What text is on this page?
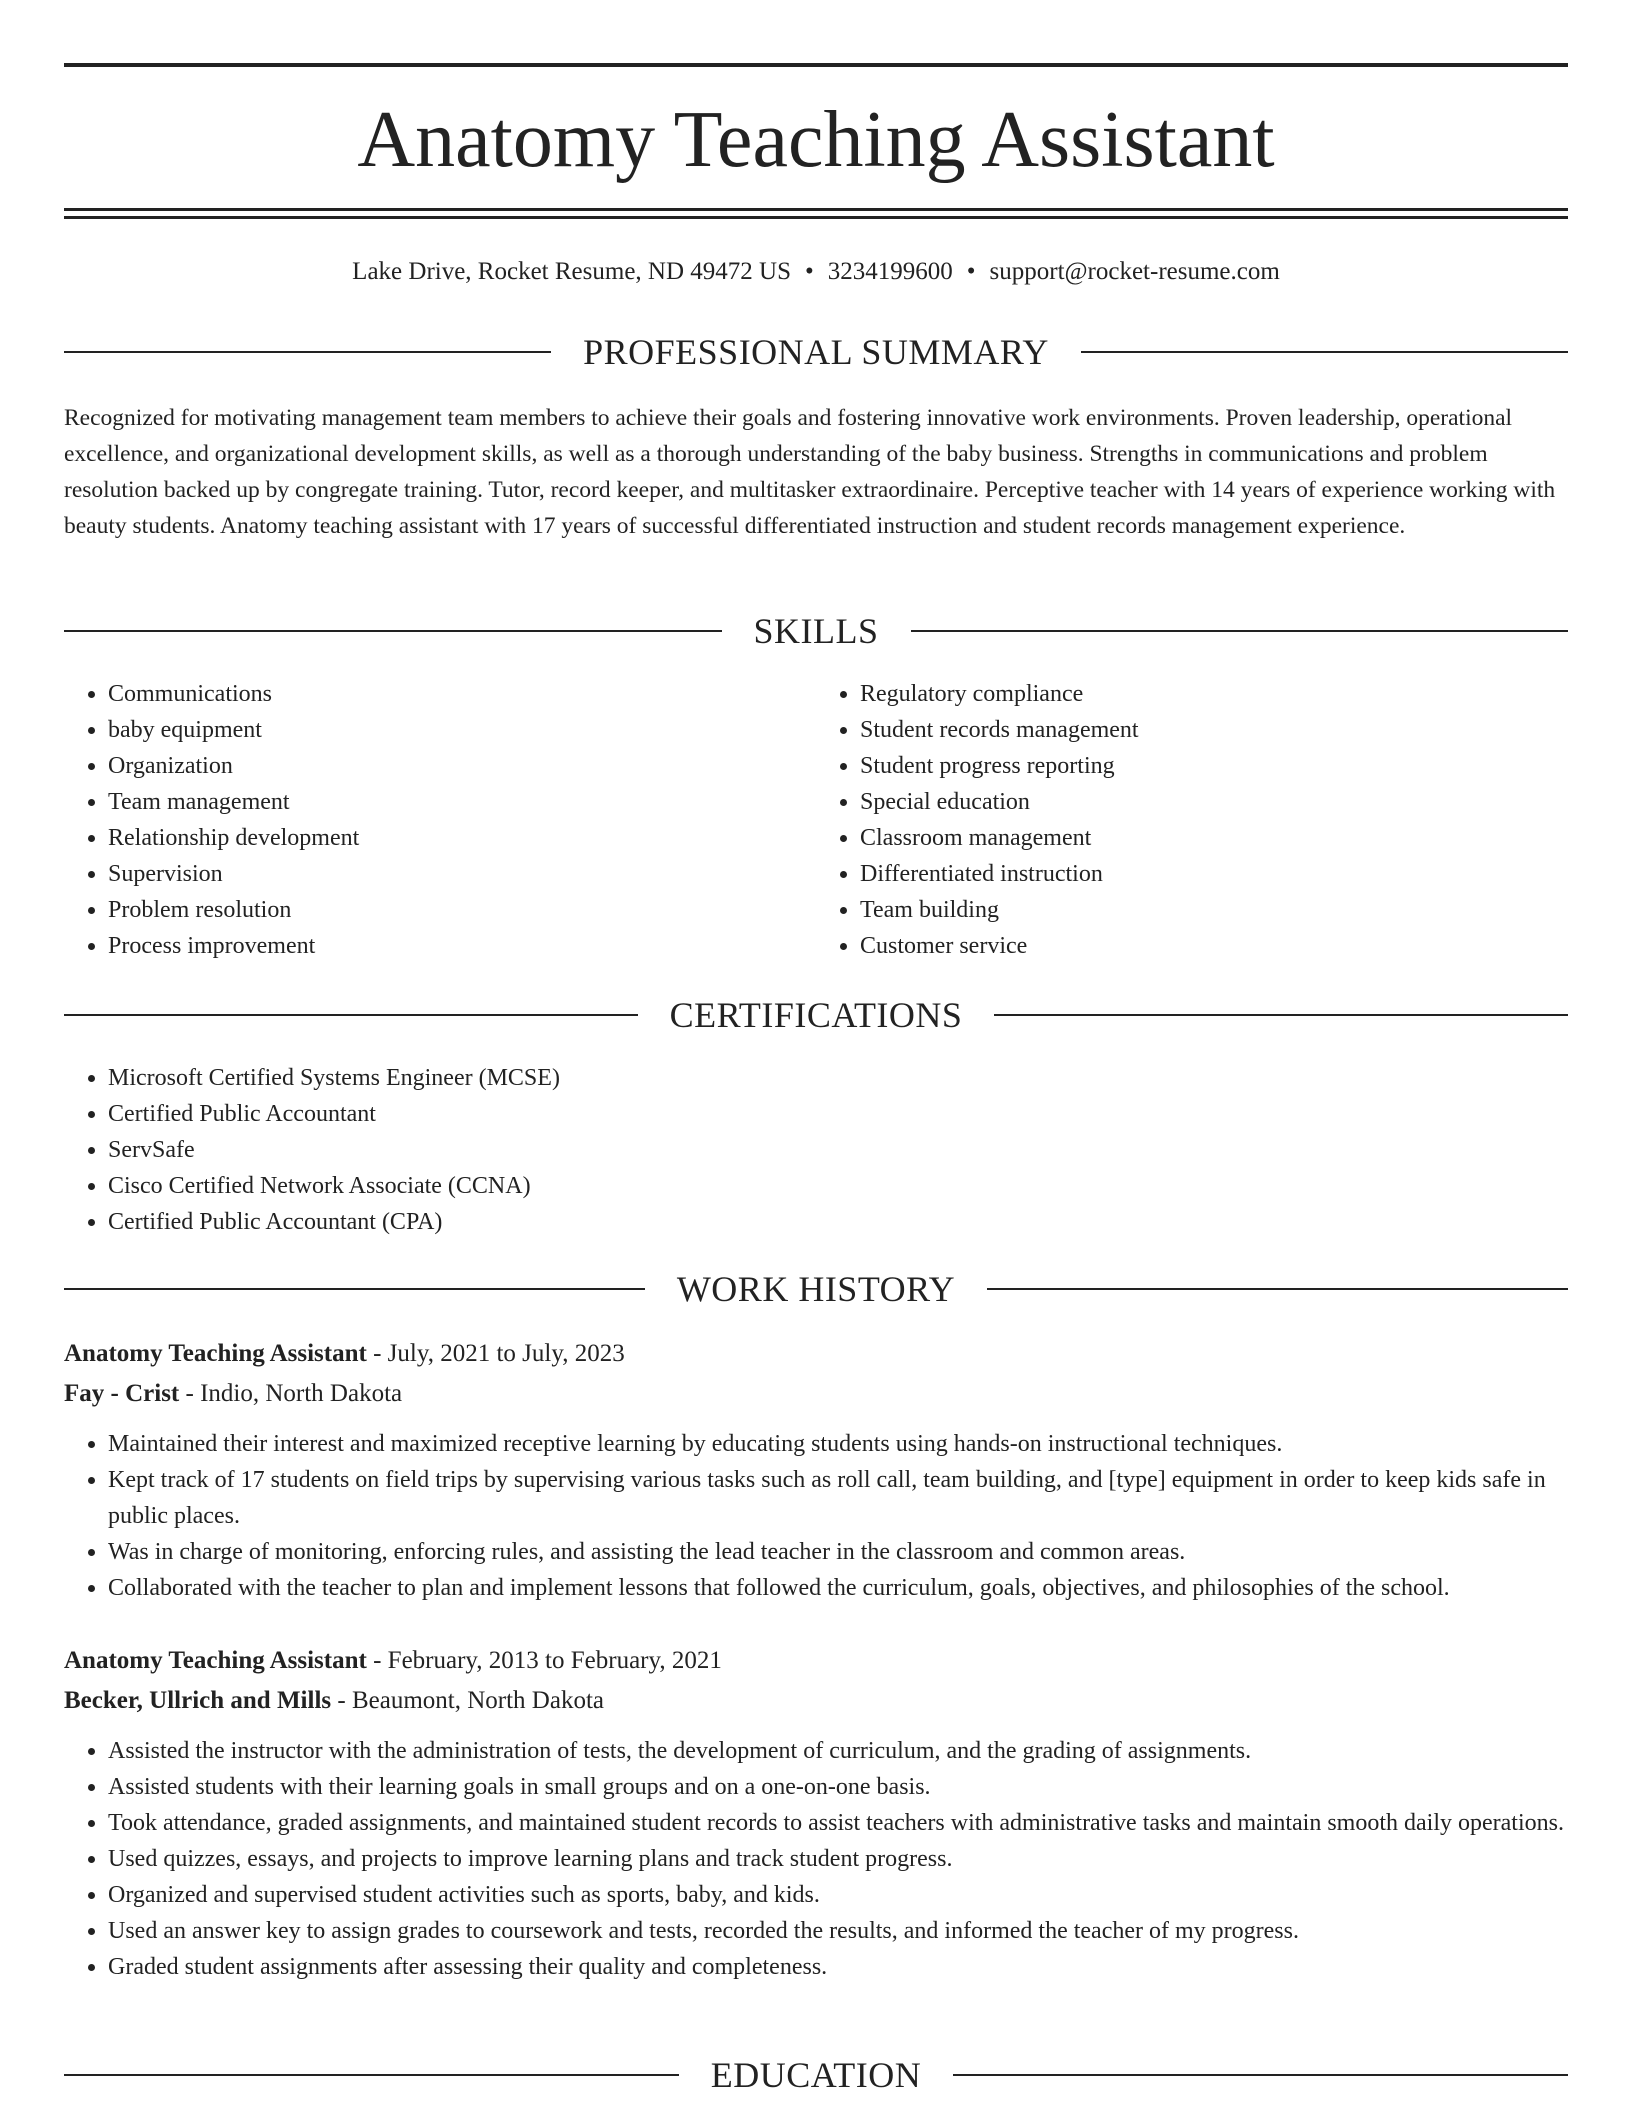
Anatomy Teaching Assistant
Lake Drive, Rocket Resume, ND 49472 US • 3234199600 • support@rocket-resume.com
PROFESSIONAL SUMMARY

Recognized for motivating management team members to achieve their goals and fostering innovative work environments. Proven leadership, operational excellence, and organizational development skills, as well as a thorough understanding of the baby business. Strengths in communications and problem resolution backed up by congregate training. Tutor, record keeper, and multitasker extraordinaire. Perceptive teacher with 14 years of experience working with beauty students. Anatomy teaching assistant with 17 years of successful differentiated instruction and student records management experience.

SKILLS
• Communications
• baby equipment
• Organization
• Team management
• Relationship development
• Supervision
• Problem resolution
• Process improvement
• Regulatory compliance
• Student records management
• Student progress reporting
• Special education
• Classroom management
• Differentiated instruction
• Team building
• Customer service
CERTIFICATIONS
• Microsoft Certified Systems Engineer (MCSE)
• Certified Public Accountant
• ServSafe
• Cisco Certified Network Associate (CCNA)
• Certified Public Accountant (CPA)
WORK HISTORY
Anatomy Teaching Assistant - July, 2021 to July, 2023
Fay - Crist - Indio, North Dakota
• Maintained their interest and maximized receptive learning by educating students using hands-on instructional techniques.
• Kept track of 17 students on field trips by supervising various tasks such as roll call, team building, and [type] equipment in order to keep kids safe in public places.
• Was in charge of monitoring, enforcing rules, and assisting the lead teacher in the classroom and common areas.
• Collaborated with the teacher to plan and implement lessons that followed the curriculum, goals, objectives, and philosophies of the school.
Anatomy Teaching Assistant - February, 2013 to February, 2021
Becker, Ullrich and Mills - Beaumont, North Dakota
• Assisted the instructor with the administration of tests, the development of curriculum, and the grading of assignments.
• Assisted students with their learning goals in small groups and on a one-on-one basis.
• Took attendance, graded assignments, and maintained student records to assist teachers with administrative tasks and maintain smooth daily operations.
• Used quizzes, essays, and projects to improve learning plans and track student progress.
• Organized and supervised student activities such as sports, baby, and kids.
• Used an answer key to assign grades to coursework and tests, recorded the results, and informed the teacher of my progress.
• Graded student assignments after assessing their quality and completeness.
EDUCATION
